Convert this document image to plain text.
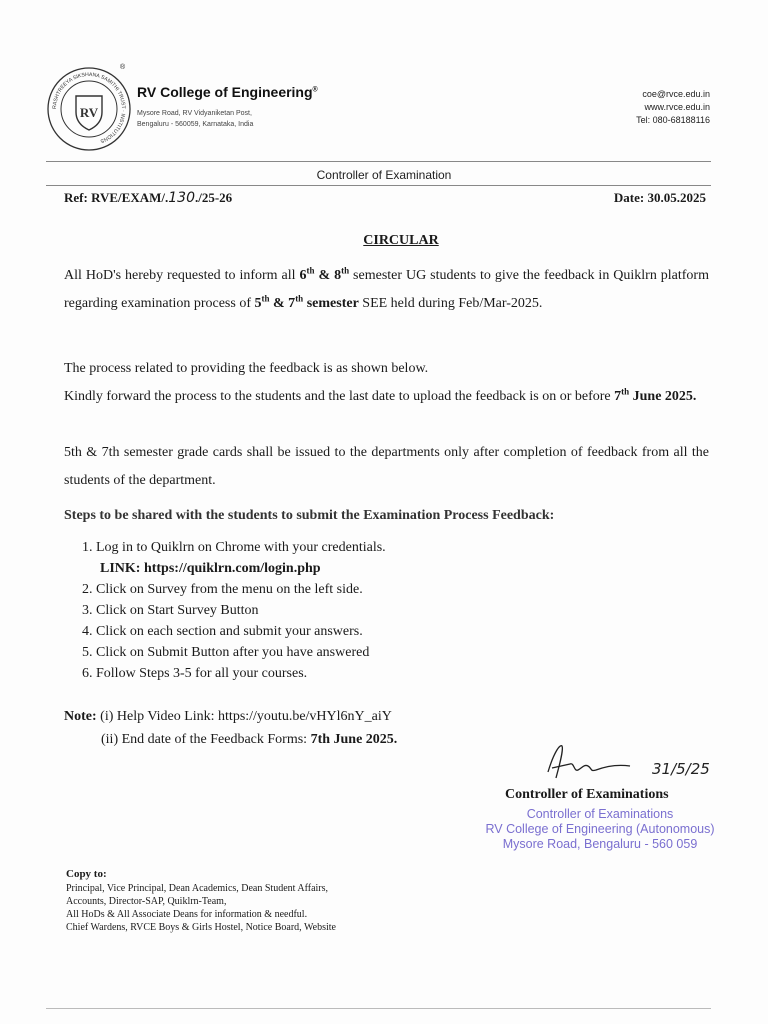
RASHTREEYA SIKSHANA SAMITHI TRUST · INSTITUTIONS
RV
®
RV College of Engineering®
Mysore Road, RV Vidyaniketan Post,
Bengaluru - 560059, Karnataka, India
coe@rvce.edu.in
www.rvce.edu.in
Tel: 080-68188116
Controller of Examination
Ref: RVE/EXAM/.130./25-26	Date: 30.05.2025
CIRCULAR
All HoD's hereby requested to inform all 6th & 8th semester UG students to give the feedback in Quiklrn platform regarding examination process of 5th & 7th semester SEE held during Feb/Mar-2025.
The process related to providing the feedback is as shown below.
Kindly forward the process to the students and the last date to upload the feedback is on or before 7th June 2025.
5th & 7th semester grade cards shall be issued to the departments only after completion of feedback from all the students of the department.
Steps to be shared with the students to submit the Examination Process Feedback:
1. Log in to Quiklrn on Chrome with your credentials.
LINK: https://quiklrn.com/login.php
2. Click on Survey from the menu on the left side.
3. Click on Start Survey Button
4. Click on each section and submit your answers.
5. Click on Submit Button after you have answered
6. Follow Steps 3-5 for all your courses.
Note: (i) Help Video Link: https://youtu.be/vHYl6nY_aiY
(ii) End date of the Feedback Forms: 7th June 2025.
31/5/25
Controller of Examinations
Controller of Examinations
RV College of Engineering (Autonomous)
Mysore Road, Bengaluru - 560 059
Copy to:
Principal, Vice Principal, Dean Academics, Dean Student Affairs,
Accounts, Director-SAP, Quiklrn-Team,
All HoDs & All Associate Deans for information & needful.
Chief Wardens, RVCE Boys & Girls Hostel, Notice Board, Website
